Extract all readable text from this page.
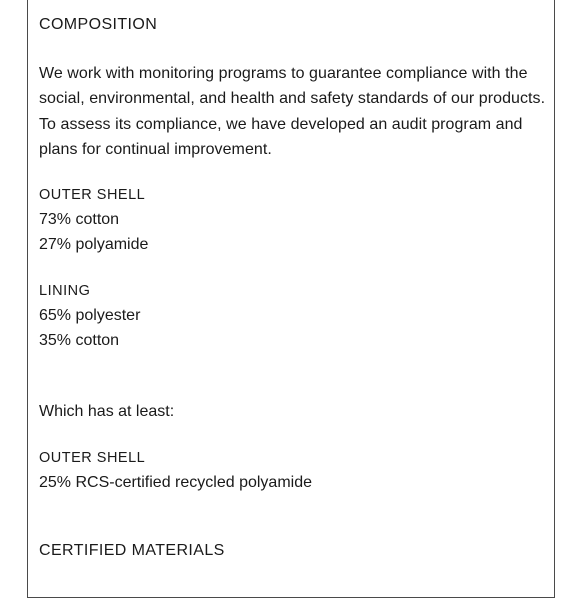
COMPOSITION
We work with monitoring programs to guarantee compliance with the social, environmental, and health and safety standards of our products. To assess its compliance, we have developed an audit program and plans for continual improvement.
OUTER SHELL
73% cotton
27% polyamide
LINING
65% polyester
35% cotton
Which has at least:
OUTER SHELL
25% RCS-certified recycled polyamide
CERTIFIED MATERIALS
